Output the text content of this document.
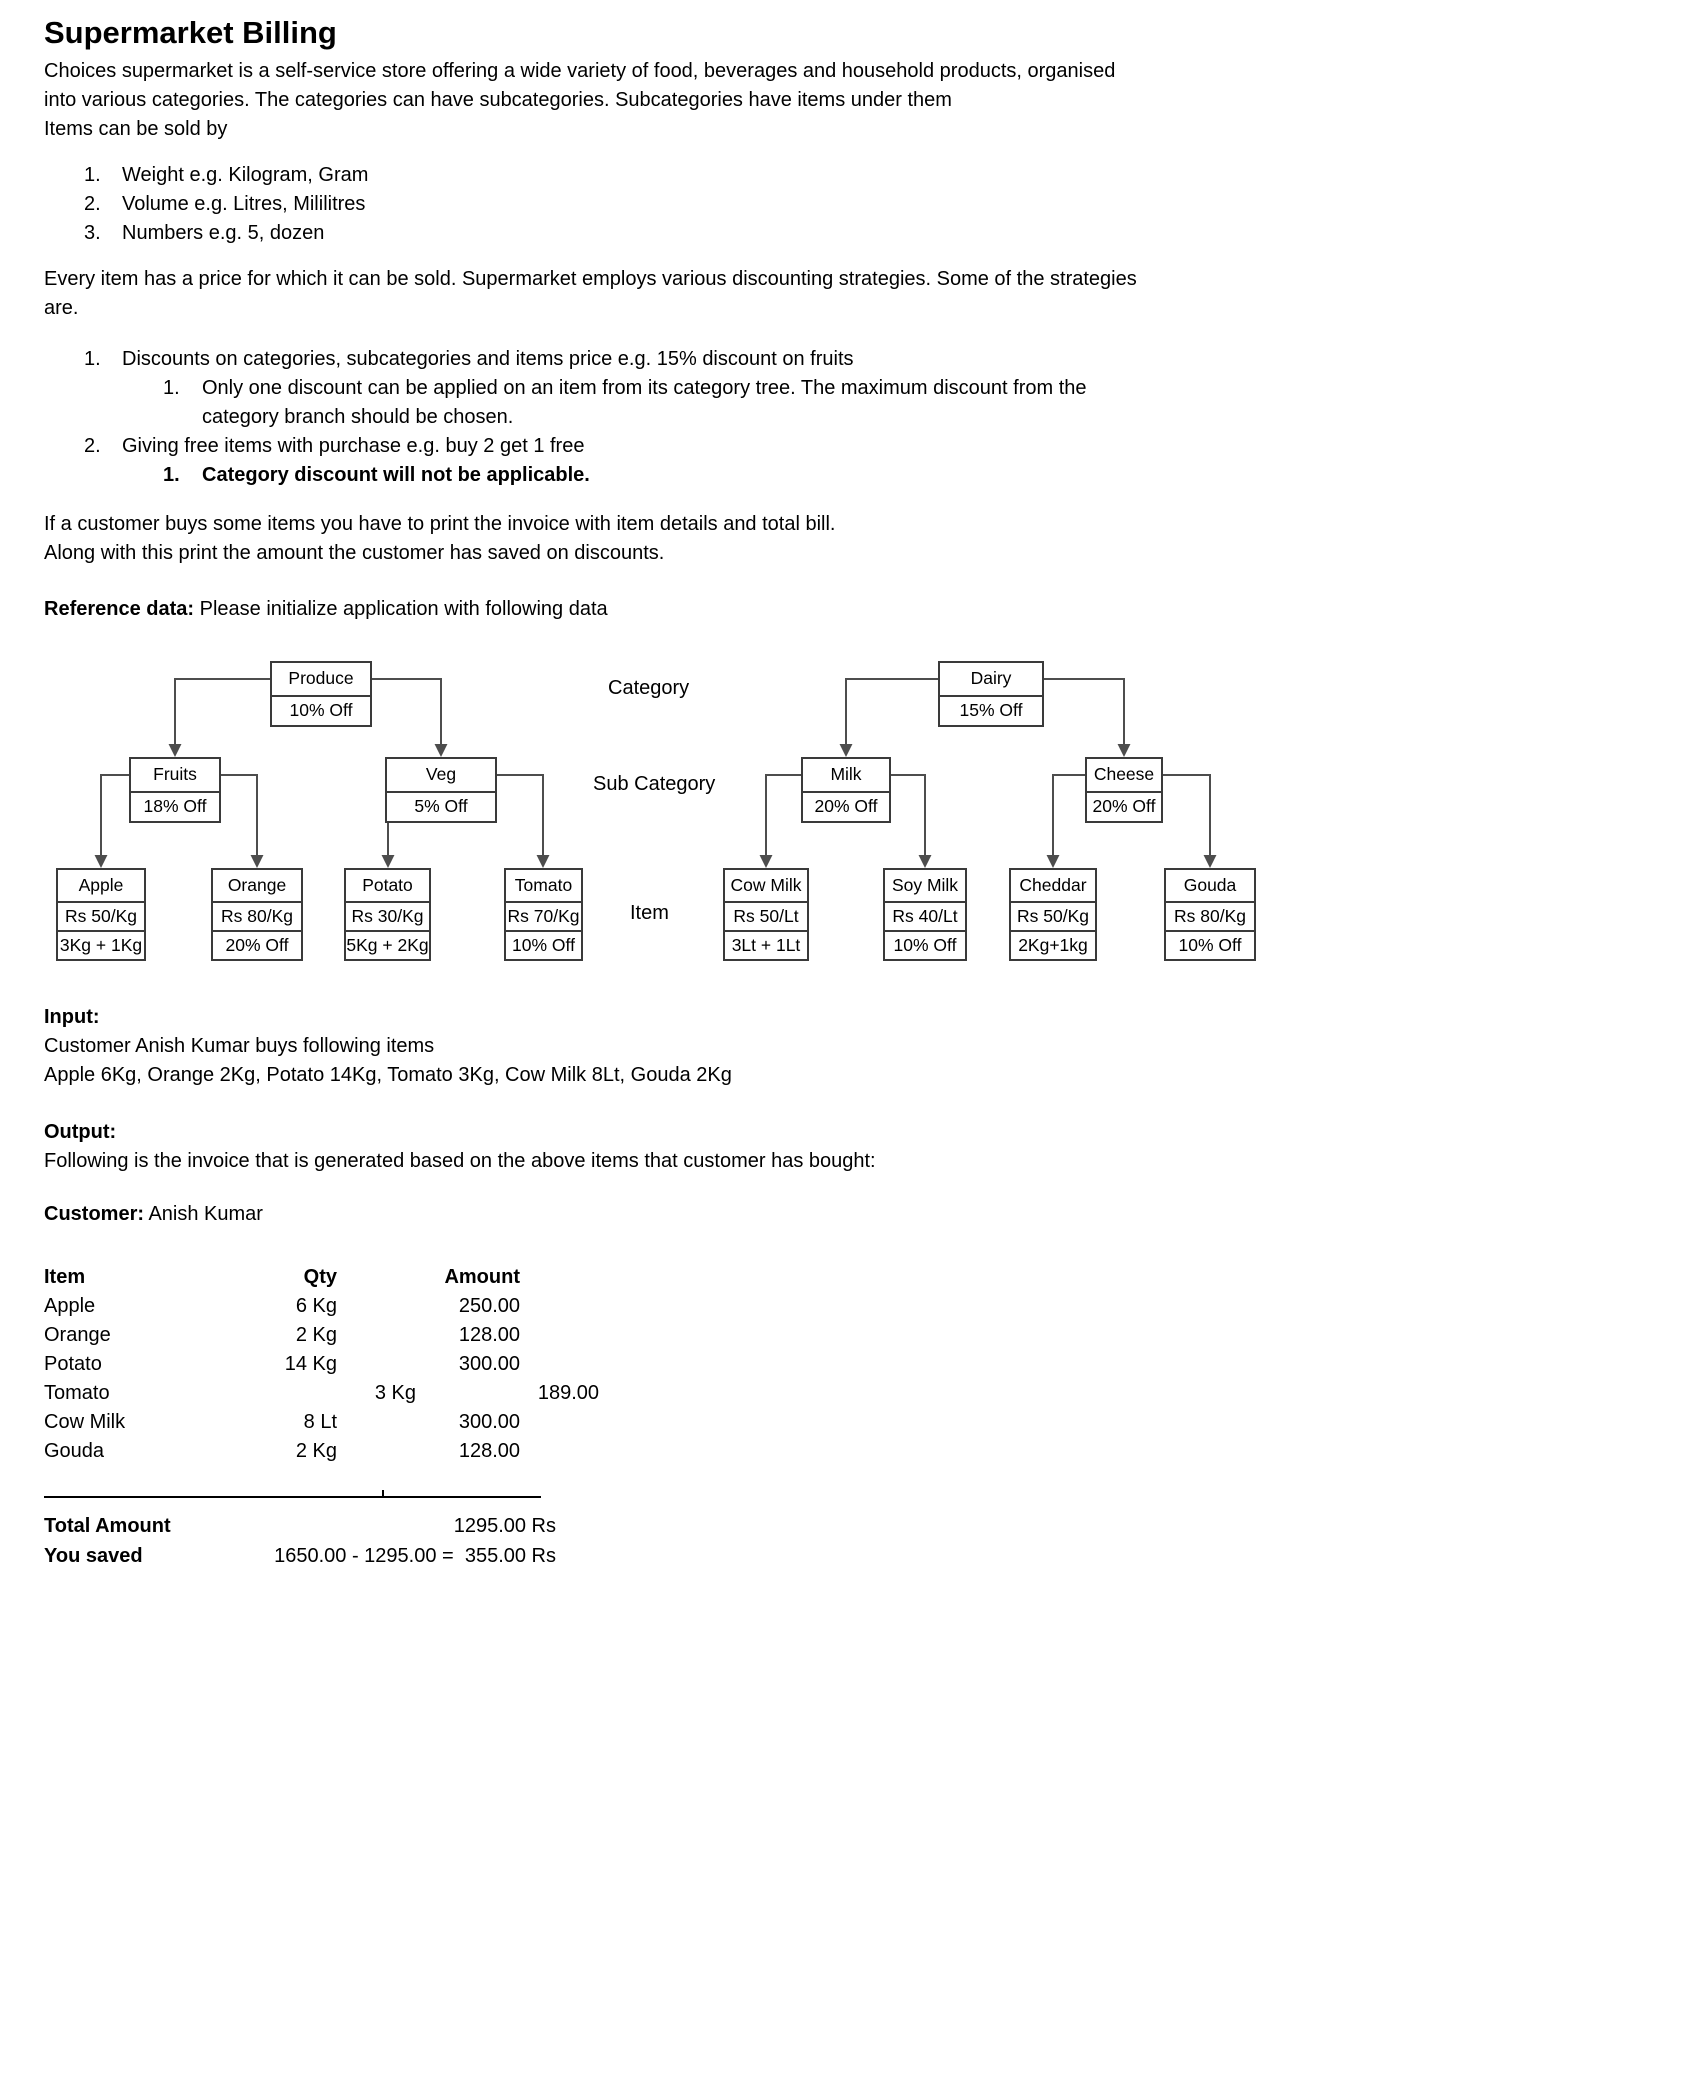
Supermarket Billing
Choices supermarket is a self-service store offering a wide variety of food, beverages and household products, organised
into various categories. The categories can have subcategories. Subcategories have items under them
Items can be sold by
1.	Weight e.g. Kilogram, Gram
2.	Volume e.g. Litres, Mililitres
3.	Numbers e.g. 5, dozen
Every item has a price for which it can be sold. Supermarket employs various discounting strategies. Some of the strategies
are.
1.	Discounts on categories, subcategories and items price e.g. 15% discount on fruits
1.	Only one discount can be applied on an item from its category tree. The maximum discount from the
category branch should be chosen.
2.	Giving free items with purchase e.g. buy 2 get 1 free
1.	Category discount will not be applicable.
If a customer buys some items you have to print the invoice with item details and total bill.
Along with this print the amount the customer has saved on discounts.
Reference data: Please initialize application with following data
Category
Sub Category
Item
Produce
10% Off
Dairy
15% Off
Fruits
18% Off
Veg
5% Off
Milk
20% Off
Cheese
20% Off
Apple
Rs 50/Kg
3Kg + 1Kg
Orange
Rs 80/Kg
20% Off
Potato
Rs 30/Kg
5Kg + 2Kg
Tomato
Rs 70/Kg
10% Off
Cow Milk
Rs 50/Lt
3Lt + 1Lt
Soy Milk
Rs 40/Lt
10% Off
Cheddar
Rs 50/Kg
2Kg+1kg
Gouda
Rs 80/Kg
10% Off
Input:
Customer Anish Kumar buys following items
Apple 6Kg, Orange 2Kg, Potato 14Kg, Tomato 3Kg, Cow Milk 8Lt, Gouda 2Kg
Output:
Following is the invoice that is generated based on the above items that customer has bought:
Customer: Anish Kumar
Item	Qty	Amount
Apple	6 Kg	250.00
Orange	2 Kg	128.00
Potato	14 Kg	300.00
Tomato	3 Kg	189.00
Cow Milk	8 Lt	300.00
Gouda	2 Kg	128.00
Total Amount	1295.00 Rs
You saved	1650.00 - 1295.00 =  355.00 Rs
